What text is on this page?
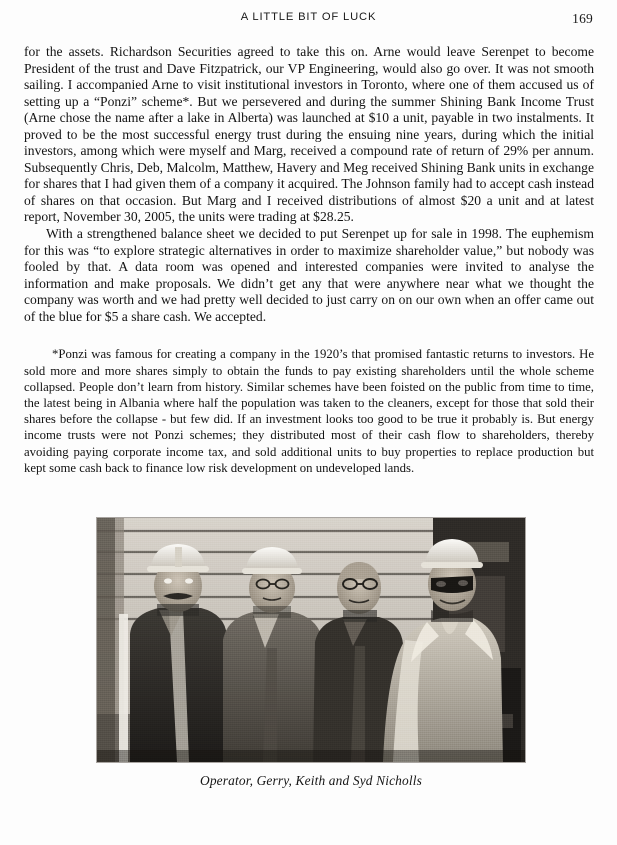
A LITTLE BIT OF LUCK	169

for the assets. Richardson Securities agreed to take this on. Arne would leave Serenpet to become President of the trust and Dave Fitzpatrick, our VP Engineering, would also go over. It was not smooth sailing. I accompanied Arne to visit institutional investors in Toronto, where one of them accused us of setting up a “Ponzi” scheme*. But we persevered and during the summer Shining Bank Income Trust (Arne chose the name after a lake in Alberta) was launched at $10 a unit, payable in two instalments. It proved to be the most successful energy trust during the ensuing nine years, during which the initial investors, among which were myself and Marg, received a compound rate of return of 29% per annum. Subsequently Chris, Deb, Malcolm, Matthew, Havery and Meg received Shining Bank units in exchange for shares that I had given them of a company it acquired. The Johnson family had to accept cash instead of shares on that occasion. But Marg and I received distributions of almost $20 a unit and at latest report, November 30, 2005, the units were trading at $28.25.

With a strengthened balance sheet we decided to put Serenpet up for sale in 1998. The euphemism for this was “to explore strategic alternatives in order to maximize shareholder value,” but nobody was fooled by that. A data room was opened and interested companies were invited to analyse the information and make proposals. We didn’t get any that were anywhere near what we thought the company was worth and we had pretty well decided to just carry on on our own when an offer came out of the blue for $5 a share cash. We accepted.

*Ponzi was famous for creating a company in the 1920’s that promised fantastic returns to investors. He sold more and more shares simply to obtain the funds to pay existing shareholders until the whole scheme collapsed. People don’t learn from history. Similar schemes have been foisted on the public from time to time, the latest being in Albania where half the population was taken to the cleaners, except for those that sold their shares before the collapse - but few did. If an investment looks too good to be true it probably is. But energy income trusts were not Ponzi schemes; they distributed most of their cash flow to shareholders, thereby avoiding paying corporate income tax, and sold additional units to buy properties to replace production but kept some cash back to finance low risk development on undeveloped lands.

Operator, Gerry, Keith and Syd Nicholls
